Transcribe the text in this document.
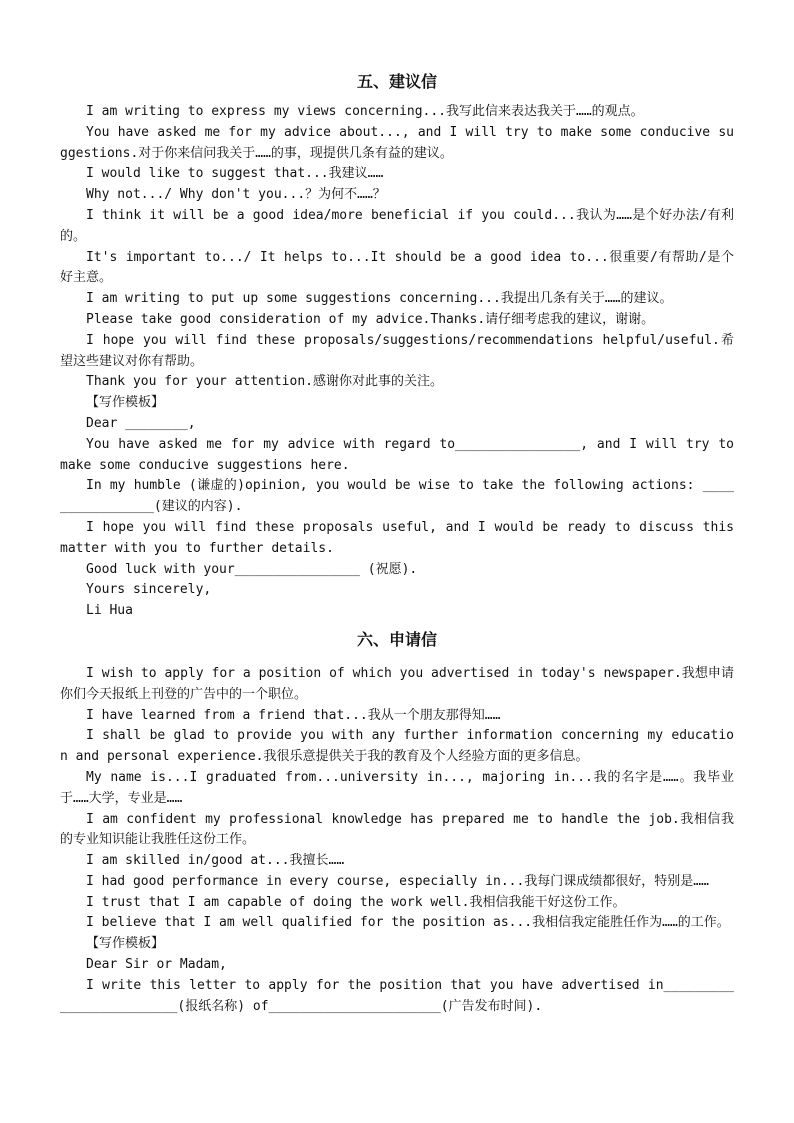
五、建议信

I am writing to express my views concerning...我写此信来表达我关于……的观点。

You have asked me for my advice about..., and I will try to make some conducive suggestions.对于你来信问我关于……的事，现提供几条有益的建议。

I would like to suggest that...我建议……

Why not.../ Why don't you...？为何不……？

I think it will be a good idea/more beneficial if you could...我认为……是个好办法/有利的。

It's important to.../ It helps to...It should be a good idea to...很重要/有帮助/是个好主意。

I am writing to put up some suggestions concerning...我提出几条有关于……的建议。

Please take good consideration of my advice.Thanks.请仔细考虑我的建议，谢谢。

I hope you will find these proposals/suggestions/recommendations helpful/useful.希望这些建议对你有帮助。

Thank you for your attention.感谢你对此事的关注。

【写作模板】

Dear ________,

You have asked me for my advice with regard to________________, and I will try to make some conducive suggestions here.

In my humble (谦虚的)opinion, you would be wise to take the following actions: ________________(建议的内容).

I hope you will find these proposals useful, and I would be ready to discuss this matter with you to further details.

Good luck with your________________ (祝愿).

Yours sincerely,

Li Hua

六、申请信

I wish to apply for a position of which you advertised in today's newspaper.我想申请你们今天报纸上刊登的广告中的一个职位。

I have learned from a friend that...我从一个朋友那得知……

I shall be glad to provide you with any further information concerning my education and personal experience.我很乐意提供关于我的教育及个人经验方面的更多信息。

My name is...I graduated from...university in..., majoring in...我的名字是……。我毕业于……大学，专业是……

I am confident my professional knowledge has prepared me to handle the job.我相信我的专业知识能让我胜任这份工作。

I am skilled in/good at...我擅长……

I had good performance in every course, especially in...我每门课成绩都很好，特别是……

I trust that I am capable of doing the work well.我相信我能干好这份工作。

I believe that I am well qualified for the position as...我相信我定能胜任作为……的工作。

【写作模板】

Dear Sir or Madam,

I write this letter to apply for the position that you have advertised in________________________(报纸名称) of______________________(广告发布时间).
